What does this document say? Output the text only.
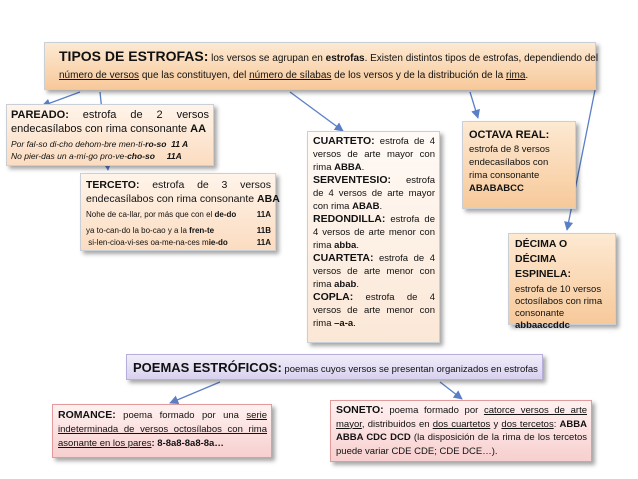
TIPOS DE ESTROFAS: los versos se agrupan en estrofas. Existen distintos tipos de estrofas, dependiendo del
número de versos que las constituyen, del número de sílabas de los versos y de la distribución de la rima.
PAREADO: estrofa de 2 versos
endecasílabos con rima consonante AA
Por fal-so di-cho dehom-bre men-ti-ro-so 11 A
No pier-das un a-mi-go pro-ve-cho-so 11A
TERCETO: estrofa de 3 versos
endecasílabos con rima consonante ABA
Nohe de ca-llar, por más que con el de-do	11A
ya to-can-do la bo-cao y a la fren-te	11B
si-len-cioa-vi-ses oa-me-na-ces mie-do	11A
CUARTETO: estrofa de 4 versos de arte mayor con rima ABBA.
SERVENTESIO: estrofa de 4 versos de arte mayor con rima ABAB.
REDONDILLA: estrofa de 4 versos de arte menor con rima abba.
CUARTETA: estrofa de 4 versos de arte menor con rima abab.
COPLA: estrofa de 4 versos de arte menor con rima –a-a.
OCTAVA REAL:
estrofa de 8 versos
endecasílabos con
rima consonante
ABABABCC
DÉCIMA O
DÉCIMA ESPINELA:
estrofa de 10 versos
octosílabos con rima
consonante
abbaaccddc
POEMAS ESTRÓFICOS: poemas cuyos versos se presentan organizados en estrofas
ROMANCE: poema formado por una serie indeterminada de versos octosílabos con rima asonante en los pares: 8-8a8-8a8-8a…
SONETO: poema formado por catorce versos de arte mayor, distribuidos en dos cuartetos y dos tercetos: ABBA ABBA CDC DCD (la disposición de la rima de los tercetos puede variar CDE CDE; CDE DCE…).
